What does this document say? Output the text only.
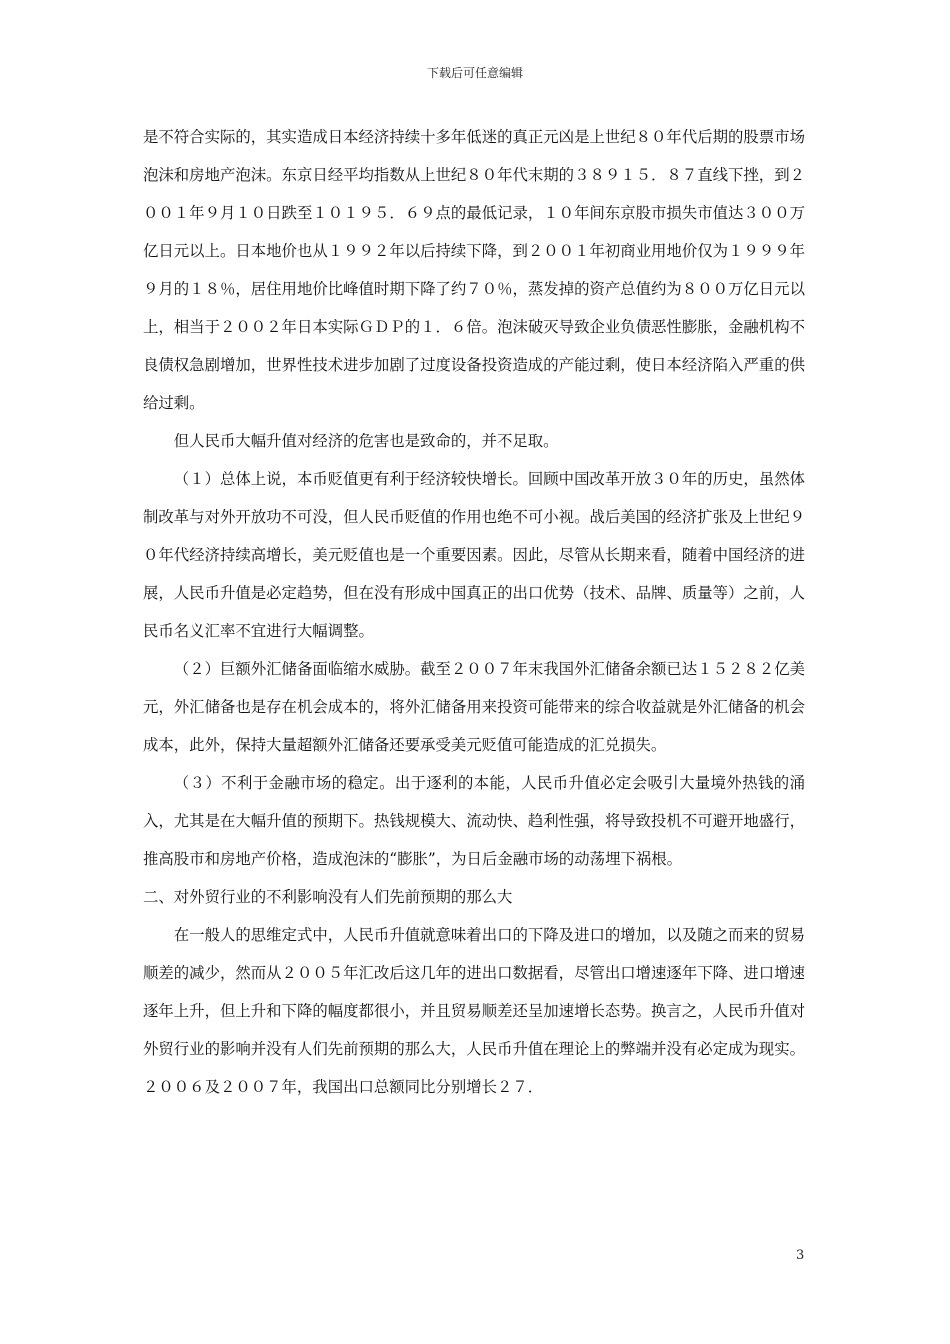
下载后可任意编辑

是不符合实际的，其实造成日本经济持续十多年低迷的真正元凶是上世纪８０年代后期的股票市场泡沫和房地产泡沫。东京日经平均指数从上世纪８０年代末期的３８９１５．８７直线下挫，到２００１年９月１０日跌至１０１９５．６９点的最低记录，１０年间东京股市损失市值达３００万亿日元以上。日本地价也从１９９２年以后持续下降，到２００１年初商业用地价仅为１９９９年９月的１８％，居住用地价比峰值时期下降了约７０％，蒸发掉的资产总值约为８００万亿日元以上，相当于２００２年日本实际ＧＤＰ的１．６倍。泡沫破灭导致企业负债恶性膨胀，金融机构不良债权急剧增加，世界性技术进步加剧了过度设备投资造成的产能过剩，使日本经济陷入严重的供给过剩。

但人民币大幅升值对经济的危害也是致命的，并不足取。

（１）总体上说，本币贬值更有利于经济较快增长。回顾中国改革开放３０年的历史，虽然体制改革与对外开放功不可没，但人民币贬值的作用也绝不可小视。战后美国的经济扩张及上世纪９０年代经济持续高增长，美元贬值也是一个重要因素。因此，尽管从长期来看，随着中国经济的进展，人民币升值是必定趋势，但在没有形成中国真正的出口优势（技术、品牌、质量等）之前，人民币名义汇率不宜进行大幅调整。

（２）巨额外汇储备面临缩水威胁。截至２００７年末我国外汇储备余额已达１５２８２亿美元，外汇储备也是存在机会成本的，将外汇储备用来投资可能带来的综合收益就是外汇储备的机会成本，此外，保持大量超额外汇储备还要承受美元贬值可能造成的汇兑损失。

（３）不利于金融市场的稳定。出于逐利的本能，人民币升值必定会吸引大量境外热钱的涌入，尤其是在大幅升值的预期下。热钱规模大、流动快、趋利性强，将导致投机不可避开地盛行，推高股市和房地产价格，造成泡沫的“膨胀”，为日后金融市场的动荡埋下祸根。

二、对外贸行业的不利影响没有人们先前预期的那么大

在一般人的思维定式中，人民币升值就意味着出口的下降及进口的增加，以及随之而来的贸易顺差的减少，然而从２００５年汇改后这几年的进出口数据看，尽管出口增速逐年下降、进口增速逐年上升，但上升和下降的幅度都很小，并且贸易顺差还呈加速增长态势。换言之，人民币升值对外贸行业的影响并没有人们先前预期的那么大，人民币升值在理论上的弊端并没有必定成为现实。２００６及２００７年，我国出口总额同比分别增长２７．

3
